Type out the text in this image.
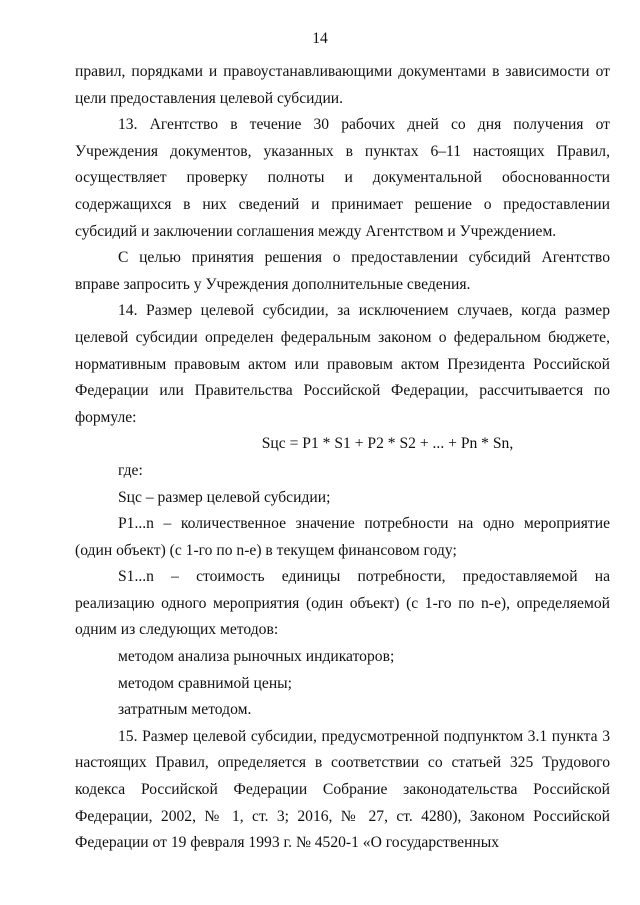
14

правил, порядками и правоустанавливающими документами в зависимости от цели предоставления целевой субсидии.

13. Агентство в течение 30 рабочих дней со дня получения от Учреждения документов, указанных в пунктах 6–11 настоящих Правил, осуществляет проверку полноты и документальной обоснованности содержащихся в них сведений и принимает решение о предоставлении субсидий и заключении соглашения между Агентством и Учреждением.

С целью принятия решения о предоставлении субсидий Агентство вправе запросить у Учреждения дополнительные сведения.

14. Размер целевой субсидии, за исключением случаев, когда размер целевой субсидии определен федеральным законом о федеральном бюджете, нормативным правовым актом или правовым актом Президента Российской Федерации или Правительства Российской Федерации, рассчитывается по формуле:

Sцс = P1 * S1 + P2 * S2 + ... + Pn * Sn,

где:

Sцс – размер целевой субсидии;

P1...n – количественное значение потребности на одно мероприятие (один объект) (с 1-го по n-е) в текущем финансовом году;

S1...n – стоимость единицы потребности, предоставляемой на реализацию одного мероприятия (один объект) (с 1-го по n-е), определяемой одним из следующих методов:

методом анализа рыночных индикаторов;

методом сравнимой цены;

затратным методом.

15. Размер целевой субсидии, предусмотренной подпунктом 3.1 пункта 3 настоящих Правил, определяется в соответствии со статьей 325 Трудового кодекса Российской Федерации Собрание законодательства Российской Федерации, 2002, № 1, ст. 3; 2016, № 27, ст. 4280), Законом Российской Федерации от 19 февраля 1993 г. № 4520-1 «О государственных
